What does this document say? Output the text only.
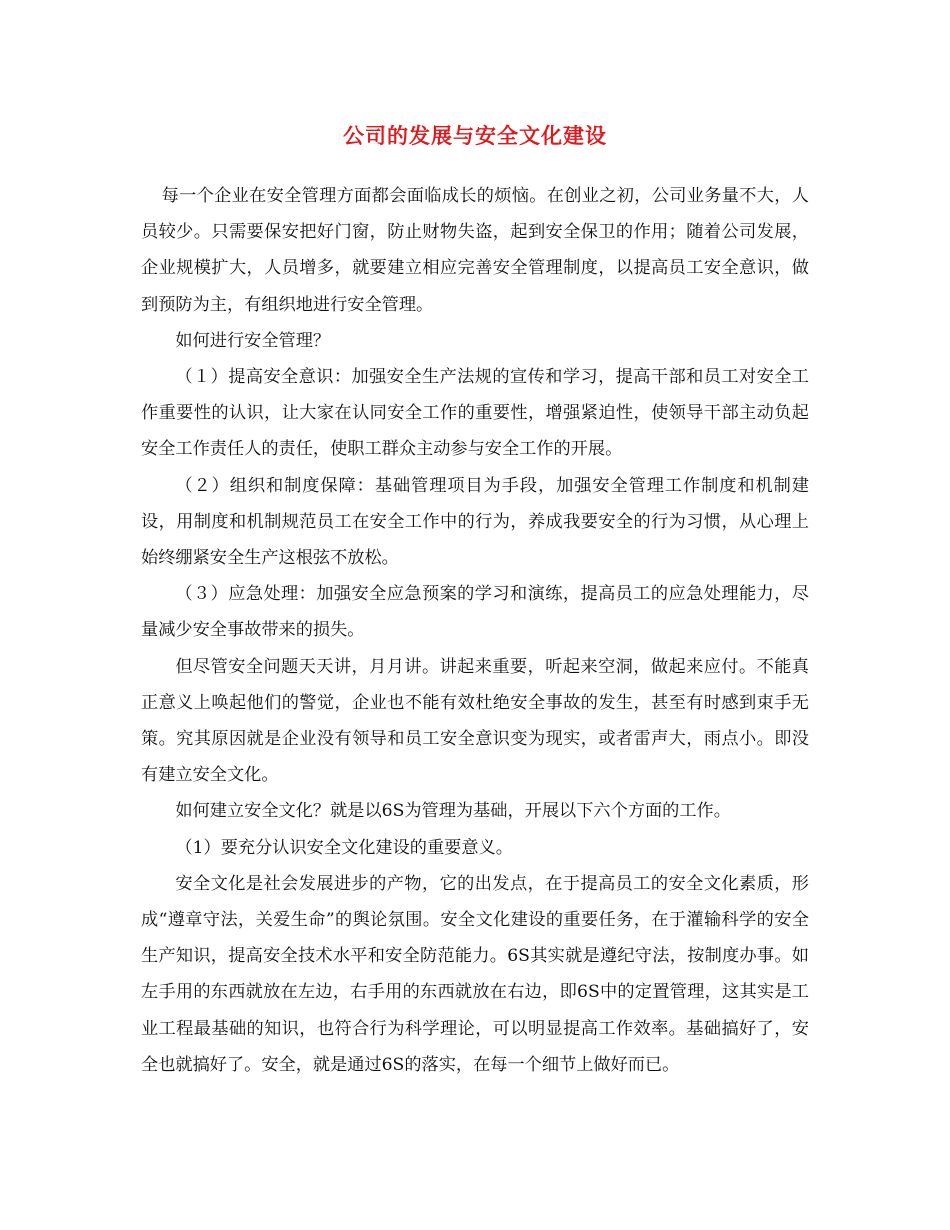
公司的发展与安全文化建设

每一个企业在安全管理方面都会面临成长的烦恼。在创业之初，公司业务量不大，人员较少。只需要保安把好门窗，防止财物失盗，起到安全保卫的作用；随着公司发展，企业规模扩大，人员增多，就要建立相应完善安全管理制度，以提高员工安全意识，做到预防为主，有组织地进行安全管理。

如何进行安全管理？

（１）提高安全意识：加强安全生产法规的宣传和学习，提高干部和员工对安全工作重要性的认识，让大家在认同安全工作的重要性，增强紧迫性，使领导干部主动负起安全工作责任人的责任，使职工群众主动参与安全工作的开展。

（２）组织和制度保障：基础管理项目为手段，加强安全管理工作制度和机制建设，用制度和机制规范员工在安全工作中的行为，养成我要安全的行为习惯，从心理上始终绷紧安全生产这根弦不放松。

（３）应急处理：加强安全应急预案的学习和演练，提高员工的应急处理能力，尽量减少安全事故带来的损失。

但尽管安全问题天天讲，月月讲。讲起来重要，听起来空洞，做起来应付。不能真正意义上唤起他们的警觉，企业也不能有效杜绝安全事故的发生，甚至有时感到束手无策。究其原因就是企业没有领导和员工安全意识变为现实，或者雷声大，雨点小。即没有建立安全文化。

如何建立安全文化？就是以6S为管理为基础，开展以下六个方面的工作。

（1）要充分认识安全文化建设的重要意义。

安全文化是社会发展进步的产物，它的出发点，在于提高员工的安全文化素质，形成“遵章守法，关爱生命”的舆论氛围。安全文化建设的重要任务，在于灌输科学的安全生产知识，提高安全技术水平和安全防范能力。6S其实就是遵纪守法，按制度办事。如左手用的东西就放在左边，右手用的东西就放在右边，即6S中的定置管理，这其实是工业工程最基础的知识，也符合行为科学理论，可以明显提高工作效率。基础搞好了，安全也就搞好了。安全，就是通过6S的落实，在每一个细节上做好而已。
